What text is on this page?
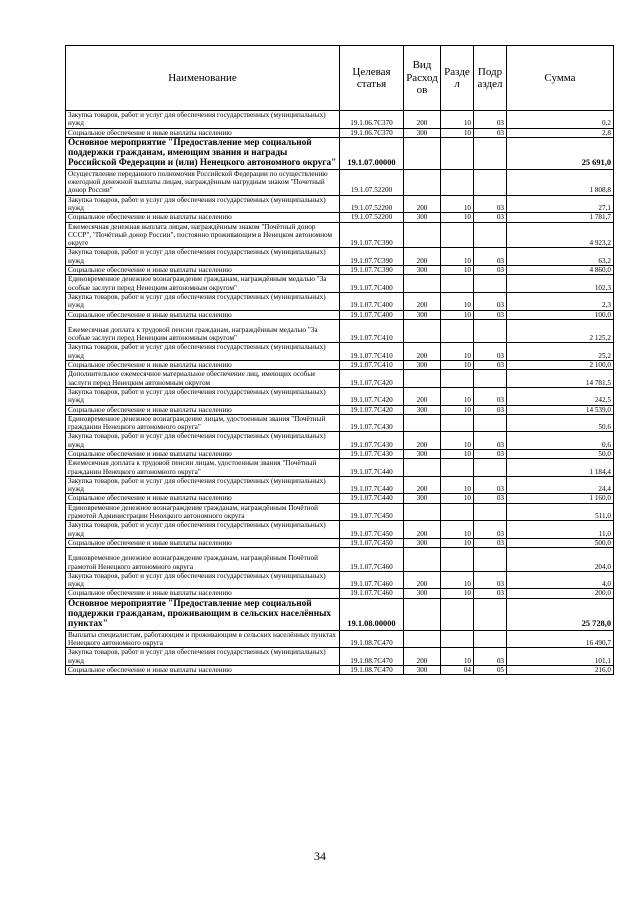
Наименование	Целевая статья	Вид Расход ов	Разде л	Подр аздел	Сумма
Закупка товаров, работ и услуг для обеспечения государственных (муниципальных) нужд	19.1.06.7С370	200	10	03	0,2
Социальное обеспечение и иные выплаты населению	19.1.06.7С370	300	10	03	2,8
Основное мероприятие "Предоставление мер социальной поддержки гражданам, имеющим звания и награды Российской Федерации и (или) Ненецкого автономного округа"	19.1.07.00000				25 691,0
Осуществление переданного полномочия Российской Федерации по осуществлению ежегодной денежной выплаты лицам, награждённым нагрудным знаком "Почетный донор России"	19.1.07.52200				1 808,8
Закупка товаров, работ и услуг для обеспечения государственных (муниципальных) нужд	19.1.07.52200	200	10	03	27,1
Социальное обеспечение и иные выплаты населению	19.1.07.52200	300	10	03	1 781,7
Ежемесячная денежная выплата лицам, награждённым знаком "Почётный донор СССР", "Почётный донор России", постоянно проживающим в Ненецком автономном округе	19.1.07.7С390				4 923,2
Закупка товаров, работ и услуг для обеспечения государственных (муниципальных) нужд	19.1.07.7С390	200	10	03	63,2
Социальное обеспечение и иные выплаты населению	19.1.07.7С390	300	10	03	4 860,0
Единовременное денежное вознаграждение гражданам, награждённым медалью "За особые заслуги перед Ненецким автономным округом"	19.1.07.7С400				102,3
Закупка товаров, работ и услуг для обеспечения государственных (муниципальных) нужд	19.1.07.7С400	200	10	03	2,3
Социальное обеспечение и иные выплаты населению	19.1.07.7С400	300	10	03	100,0

Ежемесячная доплата к трудовой пенсии гражданам, награждённым медалью "За особые заслуги перед Ненецким автономным округом"	19.1.07.7С410				2 125,2
Закупка товаров, работ и услуг для обеспечения государственных (муниципальных) нужд	19.1.07.7С410	200	10	03	25,2
Социальное обеспечение и иные выплаты населению	19.1.07.7С410	300	10	03	2 100,0
Дополнительное ежемесячное материальное обеспечение лиц, имеющих особые заслуги перед Ненецким автономным округом	19.1.07.7С420				14 781,5
Закупка товаров, работ и услуг для обеспечения государственных (муниципальных) нужд	19.1.07.7С420	200	10	03	242,5
Социальное обеспечение и иные выплаты населению	19.1.07.7С420	300	10	03	14 539,0
Единовременное денежное вознаграждение лицам, удостоенным звания "Почётный гражданин Ненецкого автономного округа"	19.1.07.7С430				50,6
Закупка товаров, работ и услуг для обеспечения государственных (муниципальных) нужд	19.1.07.7С430	200	10	03	0,6
Социальное обеспечение и иные выплаты населению	19.1.07.7С430	300	10	03	50,0
Ежемесячная доплата к трудовой пенсии лицам, удостоенным звания "Почётный гражданин Ненецкого автономного округа"	19.1.07.7С440				1 184,4
Закупка товаров, работ и услуг для обеспечения государственных (муниципальных) нужд	19.1.07.7С440	200	10	03	24,4
Социальное обеспечение и иные выплаты населению	19.1.07.7С440	300	10	03	1 160,0
Единовременное денежное вознаграждение гражданам, награждённым Почётной грамотой Администрации Ненецкого автономного округа	19.1.07.7С450				511,0
Закупка товаров, работ и услуг для обеспечения государственных (муниципальных) нужд	19.1.07.7С450	200	10	03	11,0
Социальное обеспечение и иные выплаты населению	19.1.07.7С450	300	10	03	500,0

Единовременное денежное вознаграждение гражданам, награждённым Почётной грамотой Ненецкого автономного округа	19.1.07.7С460				204,0
Закупка товаров, работ и услуг для обеспечения государственных (муниципальных) нужд	19.1.07.7С460	200	10	03	4,0
Социальное обеспечение и иные выплаты населению	19.1.07.7С460	300	10	03	200,0
Основное мероприятие "Предоставление мер социальной поддержки гражданам, проживающим в сельских населённых пунктах"	19.1.08.00000				25 728,0
Выплаты специалистам, работающим и проживающим в сельских населённых пунктах Ненецкого автономного округа	19.1.08.7С470				16 490,7
Закупка товаров, работ и услуг для обеспечения государственных (муниципальных) нужд	19.1.08.7С470	200	10	03	101,1
Социальное обеспечение и иные выплаты населению	19.1.08.7С470	300	04	05	216,0
34
